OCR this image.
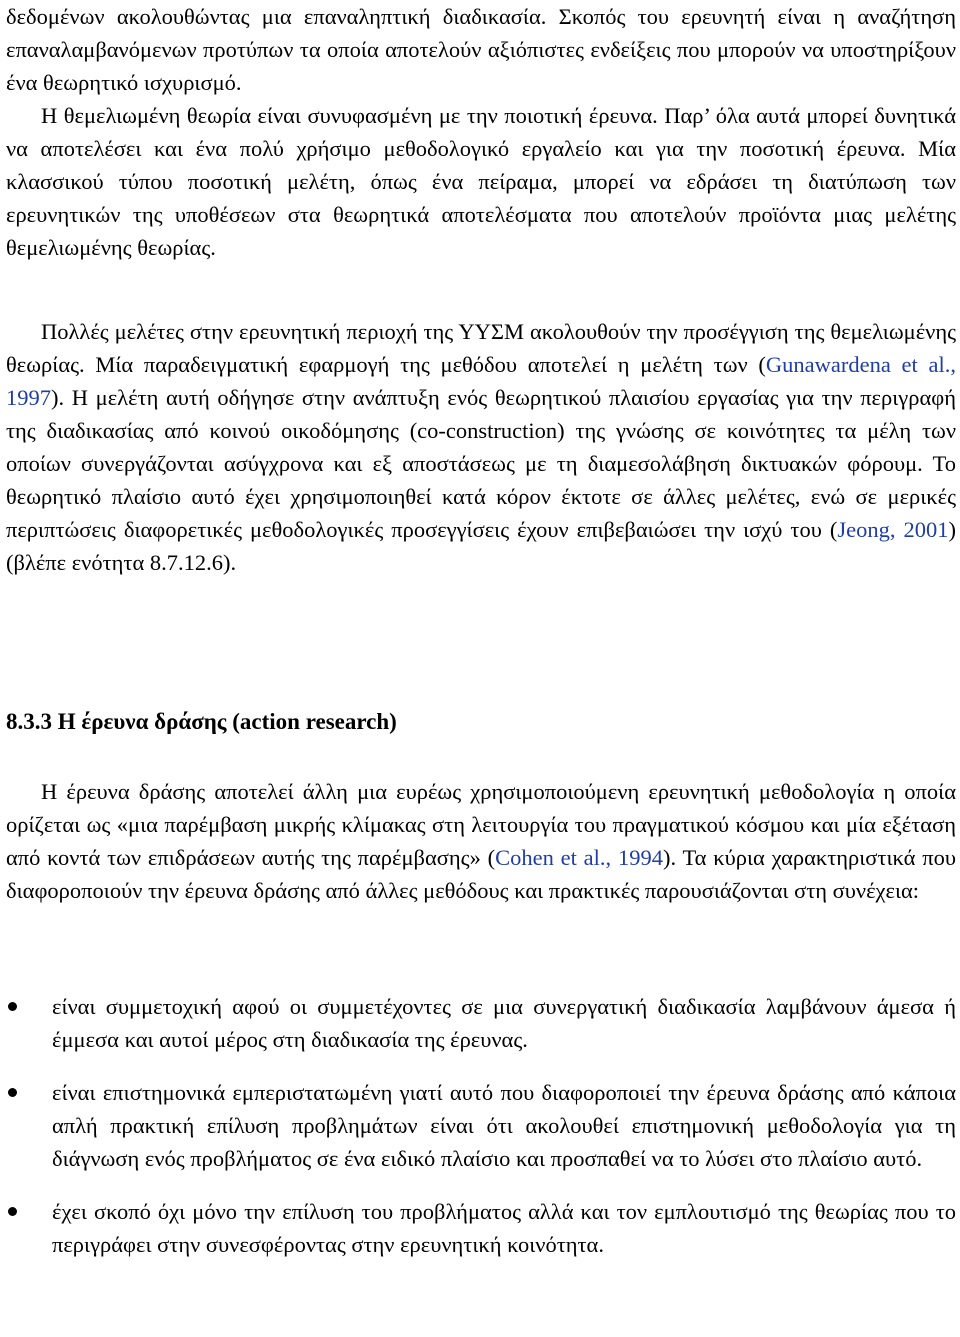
δεδομένων ακολουθώντας μια επαναληπτική διαδικασία. Σκοπός του ερευνητή είναι η αναζήτηση επαναλαμβανόμενων προτύπων τα οποία αποτελούν αξιόπιστες ενδείξεις που μπορούν να υποστηρίξουν ένα θεωρητικό ισχυρισμό.

Η θεμελιωμένη θεωρία είναι συνυφασμένη με την ποιοτική έρευνα. Παρ’ όλα αυτά μπορεί δυνητικά να αποτελέσει και ένα πολύ χρήσιμο μεθοδολογικό εργαλείο και για την ποσοτική έρευνα. Μία κλασσικού τύπου ποσοτική μελέτη, όπως ένα πείραμα, μπορεί να εδράσει τη διατύπωση των ερευνητικών της υποθέσεων στα θεωρητικά αποτελέσματα που αποτελούν προϊόντα μιας μελέτης θεμελιωμένης θεωρίας.

Πολλές μελέτες στην ερευνητική περιοχή της ΥΥΣΜ ακολουθούν την προσέγγιση της θεμελιωμένης θεωρίας. Μία παραδειγματική εφαρμογή της μεθόδου αποτελεί η μελέτη των (Gunawardena et al., 1997). Η μελέτη αυτή οδήγησε στην ανάπτυξη ενός θεωρητικού πλαισίου εργασίας για την περιγραφή της διαδικασίας από κοινού οικοδόμησης (co-construction) της γνώσης σε κοινότητες τα μέλη των οποίων συνεργάζονται ασύγχρονα και εξ αποστάσεως με τη διαμεσολάβηση δικτυακών φόρουμ. Το θεωρητικό πλαίσιο αυτό έχει χρησιμοποιηθεί κατά κόρον έκτοτε σε άλλες μελέτες, ενώ σε μερικές περιπτώσεις διαφορετικές μεθοδολογικές προσεγγίσεις έχουν επιβεβαιώσει την ισχύ του (Jeong, 2001) (βλέπε ενότητα 8.7.12.6).

8.3.3 Η έρευνα δράσης (action research)

Η έρευνα δράσης αποτελεί άλλη μια ευρέως χρησιμοποιούμενη ερευνητική μεθοδολογία η οποία ορίζεται ως «μια παρέμβαση μικρής κλίμακας στη λειτουργία του πραγματικού κόσμου και μία εξέταση από κοντά των επιδράσεων αυτής της παρέμβασης» (Cohen et al., 1994). Τα κύρια χαρακτηριστικά που διαφοροποιούν την έρευνα δράσης από άλλες μεθόδους και πρακτικές παρουσιάζονται στη συνέχεια:

είναι συμμετοχική αφού οι συμμετέχοντες σε μια συνεργατική διαδικασία λαμβάνουν άμεσα ή έμμεσα και αυτοί μέρος στη διαδικασία της έρευνας.
είναι επιστημονικά εμπεριστατωμένη γιατί αυτό που διαφοροποιεί την έρευνα δράσης από κάποια απλή πρακτική επίλυση προβλημάτων είναι ότι ακολουθεί επιστημονική μεθοδολογία για τη διάγνωση ενός προβλήματος σε ένα ειδικό πλαίσιο και προσπαθεί να το λύσει στο πλαίσιο αυτό.
έχει σκοπό όχι μόνο την επίλυση του προβλήματος αλλά και τον εμπλουτισμό της θεωρίας που το περιγράφει στην συνεσφέροντας στην ερευνητική κοινότητα.
